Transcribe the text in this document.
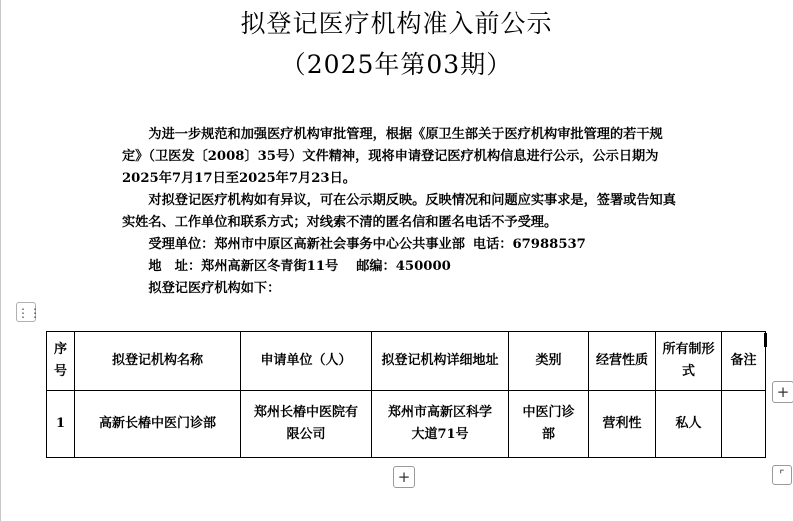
拟登记医疗机构准入前公示
（2025年第03期）

为进一步规范和加强医疗机构审批管理，根据《原卫生部关于医疗机构审批管理的若干规定》（卫医发〔2008〕35号）文件精神，现将申请登记医疗机构信息进行公示，公示日期为2025年7月17日至2025年7月23日。

对拟登记医疗机构如有异议，可在公示期反映。反映情况和问题应实事求是，签署或告知真实姓名、工作单位和联系方式；对线索不清的匿名信和匿名电话不予受理。

受理单位：郑州市中原区高新社会事务中心公共事业部 电话：67988537

地　址：郑州高新区冬青街11号 邮编：450000

拟登记医疗机构如下：

⋮⋮
序号	拟登记机构名称	申请单位（人）	拟登记机构详细地址	类别	经营性质	所有制形式	备注
1	高新长椿中医门诊部	郑州长椿中医院有限公司	郑州市高新区科学大道71号	中医门诊部	营利性	私人	
+
+	⌜
